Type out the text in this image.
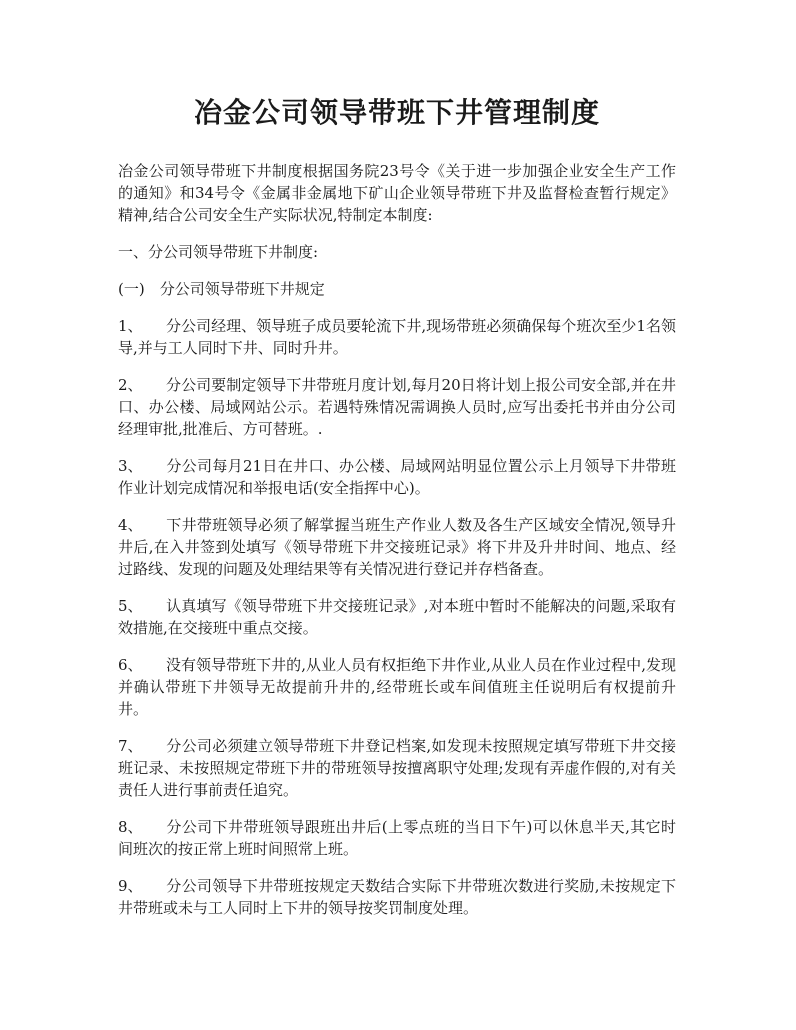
冶金公司领导带班下井管理制度

冶金公司领导带班下井制度根据国务院23号令《关于进一步加强企业安全生产工作的通知》和34号令《金属非金属地下矿山企业领导带班下井及监督检查暂行规定》精神,结合公司安全生产实际状况,特制定本制度:

一、分公司领导带班下井制度:

(一)　分公司领导带班下井规定

1、 分公司经理、领导班子成员要轮流下井,现场带班必须确保每个班次至少1名领导,并与工人同时下井、同时升井。

2、 分公司要制定领导下井带班月度计划,每月20日将计划上报公司安全部,并在井口、办公楼、局域网站公示。若遇特殊情况需调换人员时,应写出委托书并由分公司经理审批,批准后、方可替班。.

3、 分公司每月21日在井口、办公楼、局域网站明显位置公示上月领导下井带班作业计划完成情况和举报电话(安全指挥中心)。

4、 下井带班领导必须了解掌握当班生产作业人数及各生产区域安全情况,领导升井后,在入井签到处填写《领导带班下井交接班记录》将下井及升井时间、地点、经过路线、发现的问题及处理结果等有关情况进行登记并存档备查。

5、 认真填写《领导带班下井交接班记录》,对本班中暂时不能解决的问题,采取有效措施,在交接班中重点交接。

6、 没有领导带班下井的,从业人员有权拒绝下井作业,从业人员在作业过程中,发现并确认带班下井领导无故提前升井的,经带班长或车间值班主任说明后有权提前升井。

7、 分公司必须建立领导带班下井登记档案,如发现未按照规定填写带班下井交接班记录、未按照规定带班下井的带班领导按擅离职守处理;发现有弄虚作假的,对有关责任人进行事前责任追究。

8、 分公司下井带班领导跟班出井后(上零点班的当日下午)可以休息半天,其它时间班次的按正常上班时间照常上班。

9、 分公司领导下井带班按规定天数结合实际下井带班次数进行奖励,未按规定下井带班或未与工人同时上下井的领导按奖罚制度处理。
